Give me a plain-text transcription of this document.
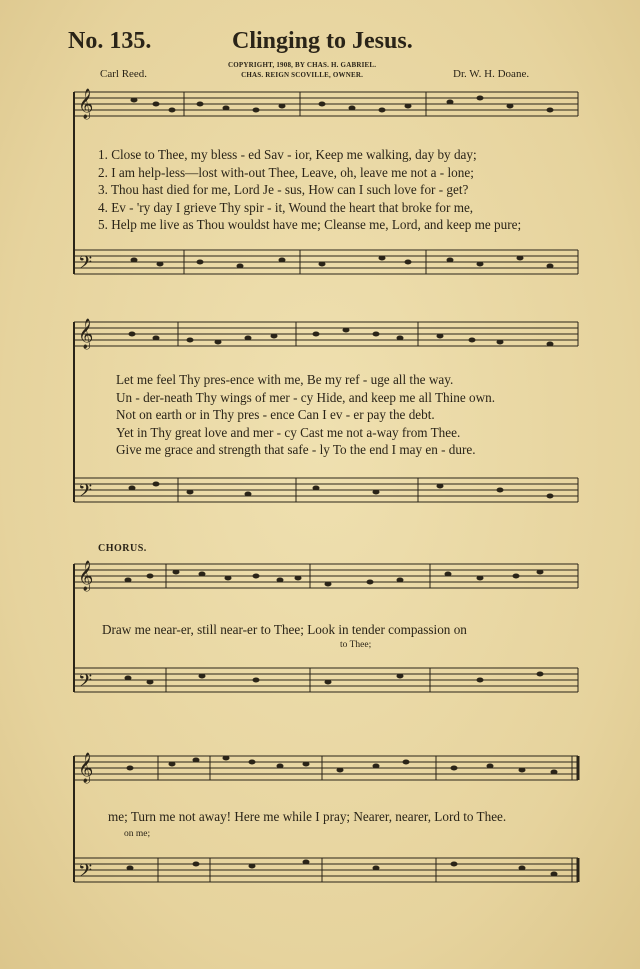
No. 135.	Clinging to Jesus.
COPYRIGHT, 1908, BY CHAS. H. GABRIEL.
CHAS. REIGN SCOVILLE, OWNER.
Carl Reed.	Dr. W. H. Doane.
𝄞
𝄢
1. Close to Thee, my bless - ed Sav - ior, Keep me walking, day by day;
2. I am help-less—lost with-out Thee, Leave, oh, leave me not a - lone;
3. Thou hast died for me, Lord Je - sus, How can I such love for - get?
4. Ev - 'ry day I grieve Thy spir - it, Wound the heart that broke for me,
5. Help me live as Thou wouldst have me; Cleanse me, Lord, and keep me pure;
𝄞
𝄢
Let me feel Thy pres-ence with me, Be my ref - uge all the way.
Un - der-neath Thy wings of mer - cy Hide, and keep me all Thine own.
Not on earth or in Thy pres - ence Can I ev - er pay the debt.
Yet in Thy great love and mer - cy Cast me not a-way from Thee.
Give me grace and strength that safe - ly To the end I may en - dure.
CHORUS.
𝄞
𝄢
Draw me near-er, still near-er to Thee; Look in tender compassion on
to Thee;
𝄞
𝄢
me; Turn me not away! Here me while I pray; Nearer, nearer, Lord to Thee.
on me;
